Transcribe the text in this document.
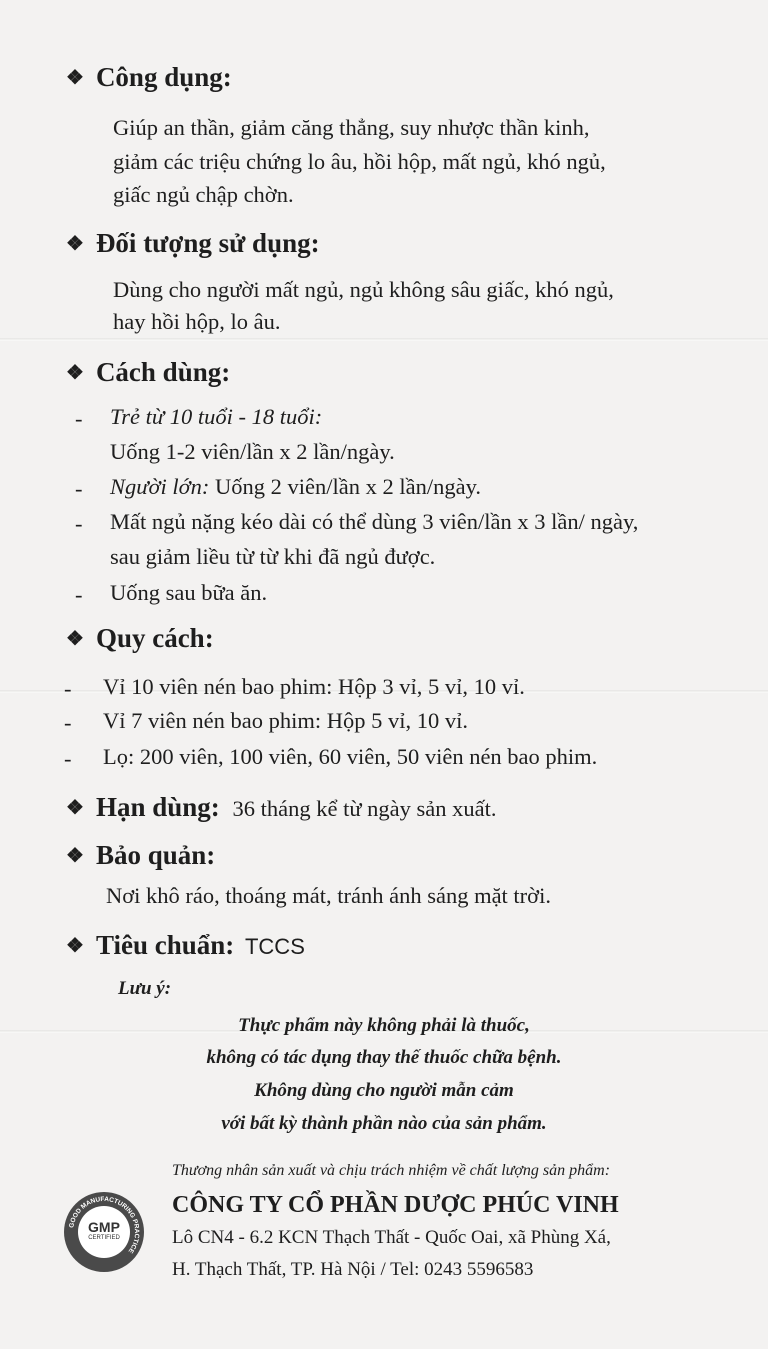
❖ Công dụng:
Giúp an thần, giảm căng thẳng, suy nhược thần kinh,
giảm các triệu chứng lo âu, hồi hộp, mất ngủ, khó ngủ,
giấc ngủ chập chờn.
❖ Đối tượng sử dụng:
Dùng cho người mất ngủ, ngủ không sâu giấc, khó ngủ,
hay hồi hộp, lo âu.
❖ Cách dùng:
- Trẻ từ 10 tuổi - 18 tuổi:
Uống 1-2 viên/lần x 2 lần/ngày.
- Người lớn: Uống 2 viên/lần x 2 lần/ngày.
- Mất ngủ nặng kéo dài có thể dùng 3 viên/lần x 3 lần/ ngày,
sau giảm liều từ từ khi đã ngủ được.
- Uống sau bữa ăn.
❖ Quy cách:
- Vỉ 10 viên nén bao phim: Hộp 3 vỉ, 5 vỉ, 10 vỉ.
- Vỉ 7 viên nén bao phim: Hộp 5 vỉ, 10 vỉ.
- Lọ: 200 viên, 100 viên, 60 viên, 50 viên nén bao phim.
❖ Hạn dùng: 36 tháng kể từ ngày sản xuất.
❖ Bảo quản:
Nơi khô ráo, thoáng mát, tránh ánh sáng mặt trời.
❖ Tiêu chuẩn: TCCS
Lưu ý:
Thực phẩm này không phải là thuốc,
không có tác dụng thay thế thuốc chữa bệnh.
Không dùng cho người mẫn cảm
với bất kỳ thành phần nào của sản phẩm.
Thương nhân sản xuất và chịu trách nhiệm về chất lượng sản phẩm:
CÔNG TY CỔ PHẦN DƯỢC PHÚC VINH
Lô CN4 - 6.2 KCN Thạch Thất - Quốc Oai, xã Phùng Xá,
H. Thạch Thất, TP. Hà Nội / Tel: 0243 5596583
GOOD MANUFACTURING PRACTICE
GMP
CERTIFIED
